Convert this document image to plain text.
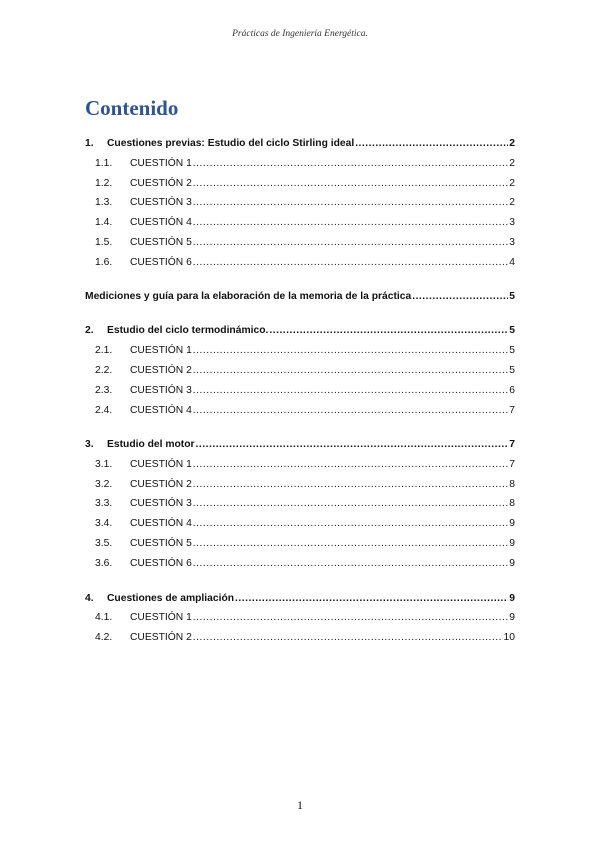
Prácticas de Ingeniería Energética.
Contenido
1.	Cuestiones previas: Estudio del ciclo Stirling ideal .....	2
1.1.	CUESTIÓN 1 .....	2
1.2.	CUESTIÓN 2 .....	2
1.3.	CUESTIÓN 3 .....	2
1.4.	CUESTIÓN 4 .....	3
1.5.	CUESTIÓN 5 .....	3
1.6.	CUESTIÓN 6 .....	4
Mediciones y guía para la elaboración de la memoria de la práctica .....	5
2.	Estudio del ciclo termodinámico. .....	5
2.1.	CUESTIÓN 1 .....	5
2.2.	CUESTIÓN 2 .....	5
2.3.	CUESTIÓN 3 .....	6
2.4.	CUESTIÓN 4 .....	7
3.	Estudio del motor .....	7
3.1.	CUESTIÓN 1 .....	7
3.2.	CUESTIÓN 2 .....	8
3.3.	CUESTIÓN 3 .....	8
3.4.	CUESTIÓN 4 .....	9
3.5.	CUESTIÓN 5 .....	9
3.6.	CUESTIÓN 6 .....	9
4.	Cuestiones de ampliación .....	9
4.1.	CUESTIÓN 1 .....	9
4.2.	CUESTIÓN 2 .....	10
1
